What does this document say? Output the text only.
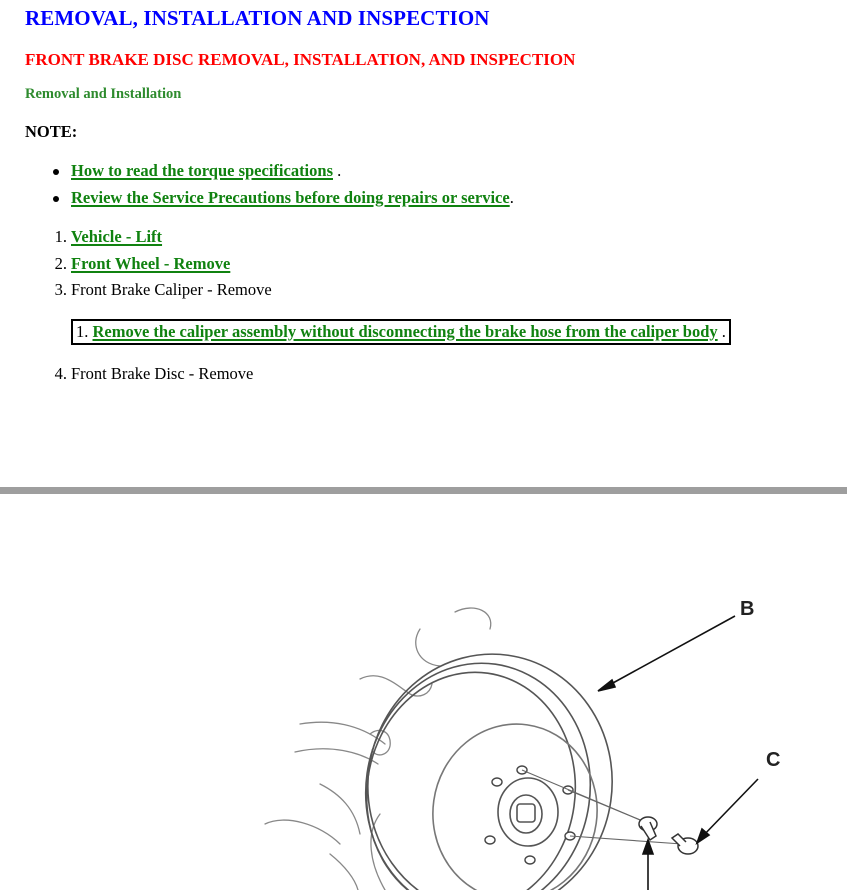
REMOVAL, INSTALLATION AND INSPECTION
FRONT BRAKE DISC REMOVAL, INSTALLATION, AND INSPECTION
Removal and Installation

NOTE:

How to read the torque specifications .
Review the Service Precautions before doing repairs or service.
1. Vehicle - Lift
2. Front Wheel - Remove
3. Front Brake Caliper - Remove
1. Remove the caliper assembly without disconnecting the brake hose from the caliper body .
4. Front Brake Disc - Remove
B
C
